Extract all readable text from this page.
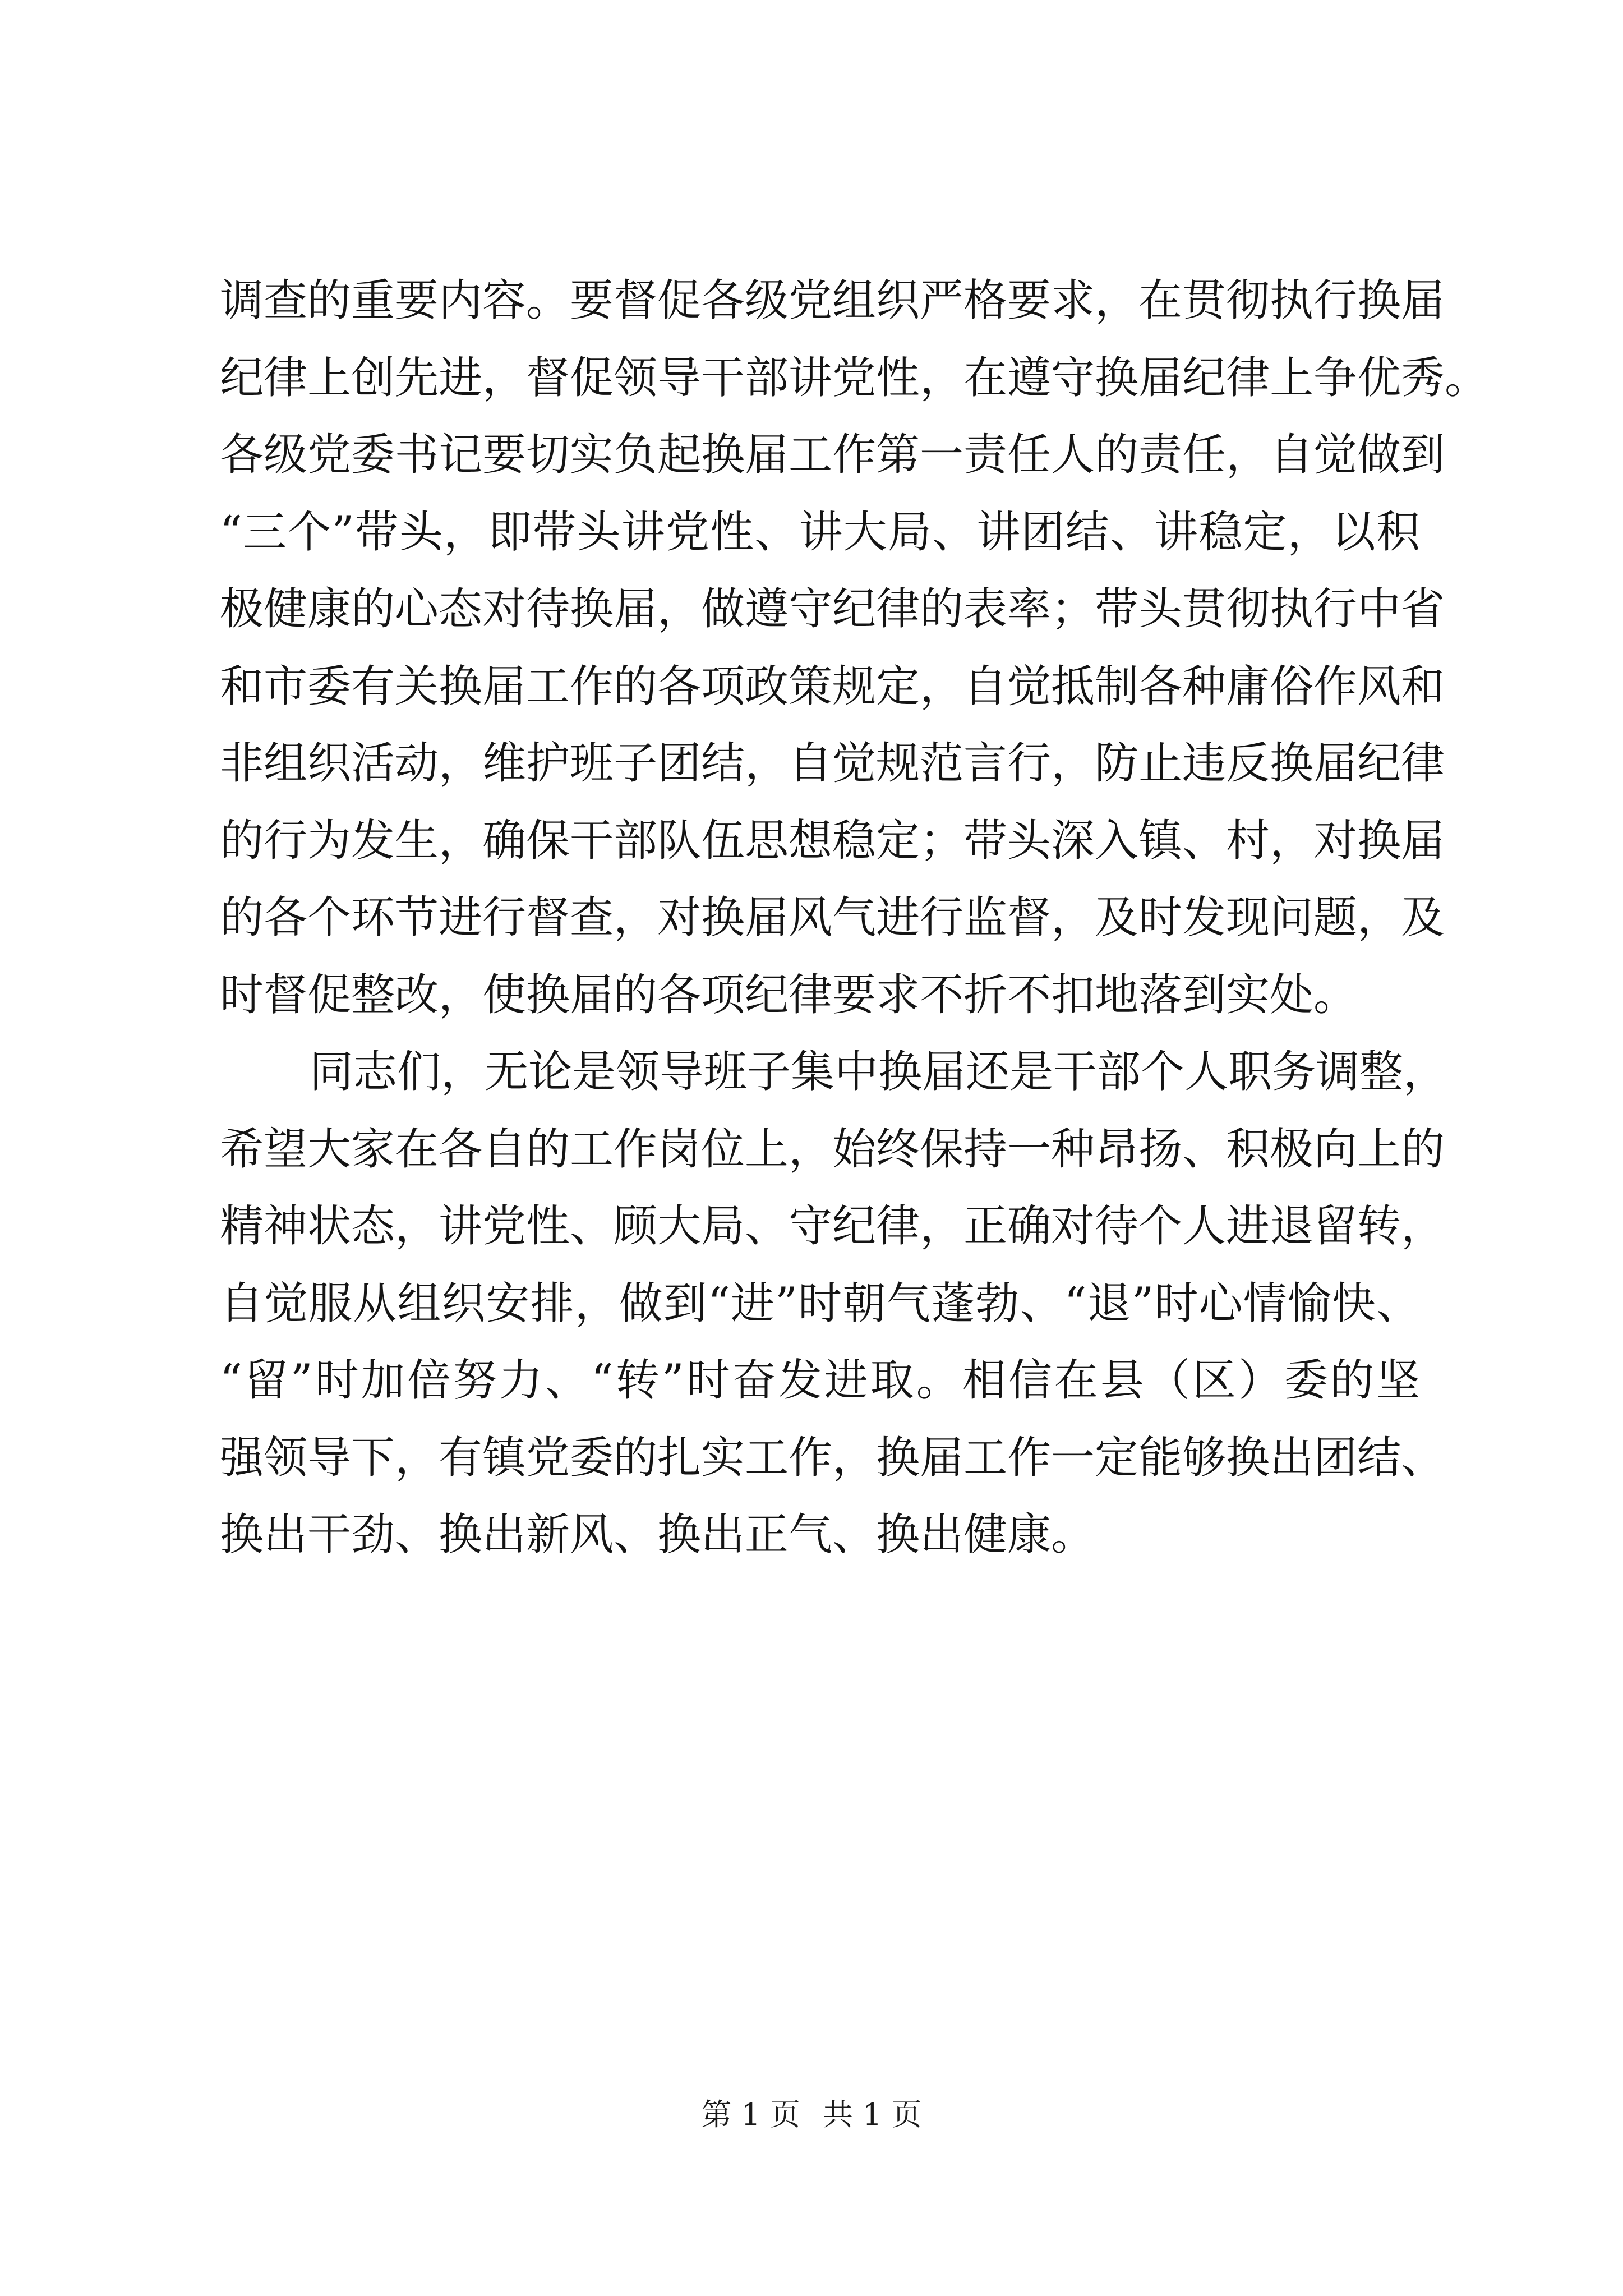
调查的重要内容。要督促各级党组织严格要求，在贯彻执行换届
纪律上创先进，督促领导干部讲党性，在遵守换届纪律上争优秀。
各级党委书记要切实负起换届工作第一责任人的责任，自觉做到
“三个”带头，即带头讲党性、讲大局、讲团结、讲稳定，以积
极健康的心态对待换届，做遵守纪律的表率；带头贯彻执行中省
和市委有关换届工作的各项政策规定，自觉抵制各种庸俗作风和
非组织活动，维护班子团结，自觉规范言行，防止违反换届纪律
的行为发生，确保干部队伍思想稳定；带头深入镇、村，对换届
的各个环节进行督查，对换届风气进行监督，及时发现问题，及
时督促整改，使换届的各项纪律要求不折不扣地落到实处。
同志们，无论是领导班子集中换届还是干部个人职务调整，
希望大家在各自的工作岗位上，始终保持一种昂扬、积极向上的
精神状态，讲党性、顾大局、守纪律，正确对待个人进退留转，
自觉服从组织安排，做到“进”时朝气蓬勃、“退”时心情愉快、
“留”时加倍努力、“转”时奋发进取。相信在县（区）委的坚
强领导下，有镇党委的扎实工作，换届工作一定能够换出团结、
换出干劲、换出新风、换出正气、换出健康。
第 1 页 共 1 页
